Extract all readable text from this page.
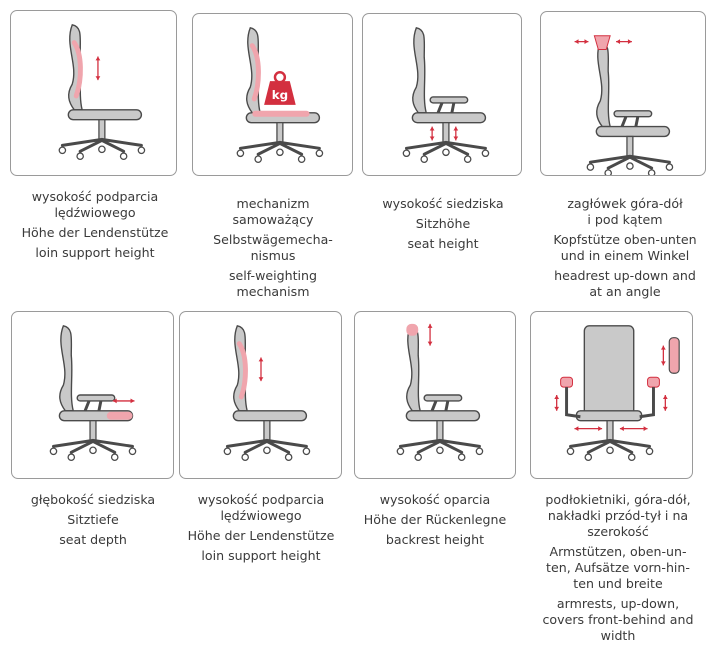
kg
wysokość podparcia
lędźwiowego
Höhe der Lendenstütze
loin support height
mechanizm
samoważący
Selbstwägemecha-
nismus
self-weighting
mechanism
wysokość siedziska
Sitzhöhe
seat height
zagłówek góra-dół
i pod kątem
Kopfstütze oben-unten
und in einem Winkel
headrest up-down and
at an angle
głębokość siedziska
Sitztiefe
seat depth
wysokość podparcia
lędźwiowego
Höhe der Lendenstütze
loin support height
wysokość oparcia
Höhe der Rückenlegne
backrest height
podłokietniki, góra-dół,
nakładki przód-tył i na
szerokość
Armstützen, oben-un-
ten, Aufsätze vorn-hin-
ten und breite
armrests, up-down,
covers front-behind and
width
